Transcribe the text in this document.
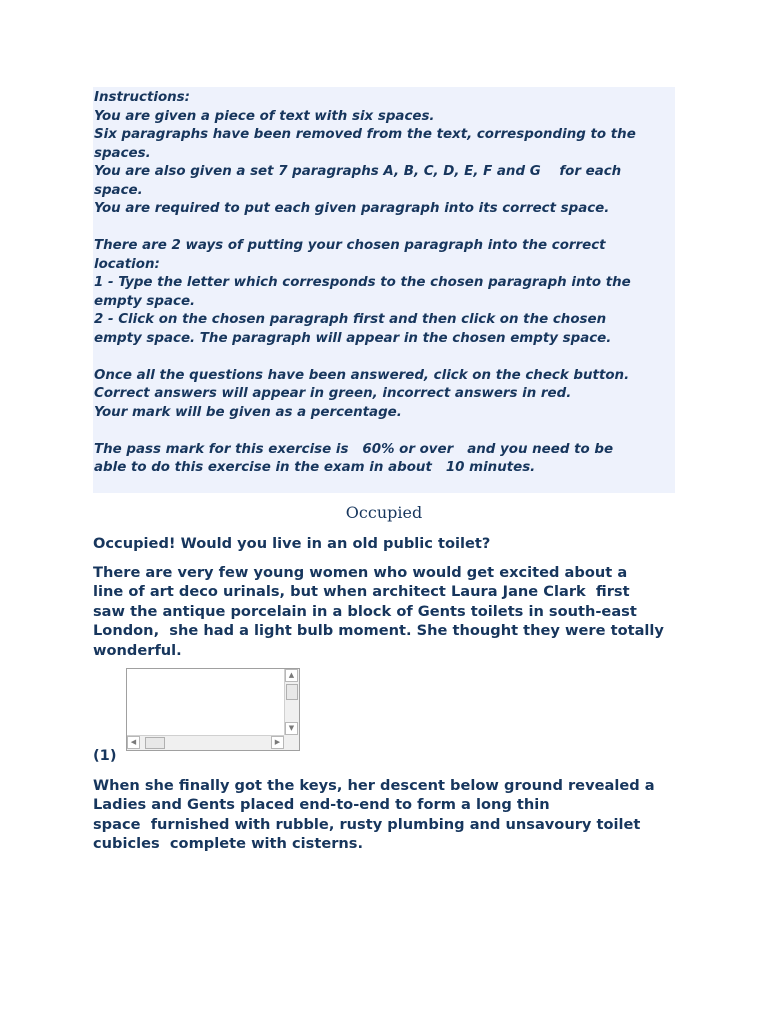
Instructions:

You are given a piece of text with six spaces.

Six paragraphs have been removed from the text, corresponding to the

spaces.

You are also given a set 7 paragraphs A, B, C, D, E, F and G    for each

space.

You are required to put each given paragraph into its correct space.

There are 2 ways of putting your chosen paragraph into the correct

location:

1 - Type the letter which corresponds to the chosen paragraph into the

empty space.

2 - Click on the chosen paragraph first and then click on the chosen

empty space. The paragraph will appear in the chosen empty space.

Once all the questions have been answered, click on the check button.

Correct answers will appear in green, incorrect answers in red.

Your mark will be given as a percentage.

The pass mark for this exercise is   60% or over   and you need to be

able to do this exercise in the exam in about   10 minutes.

Occupied

Occupied! Would you live in an old public toilet?

There are very few young women who would get excited about a
line of art deco urinals, but when architect Laura Jane Clark  first
saw the antique porcelain in a block of Gents toilets in south-east
London,  she had a light bulb moment. She thought they were totally
wonderful.

▲
▼
◀	▶
(1)

When she finally got the keys, her descent below ground revealed a
Ladies and Gents placed end-to-end to form a long thin
space  furnished with rubble, rusty plumbing and unsavoury toilet
cubicles  complete with cisterns.
